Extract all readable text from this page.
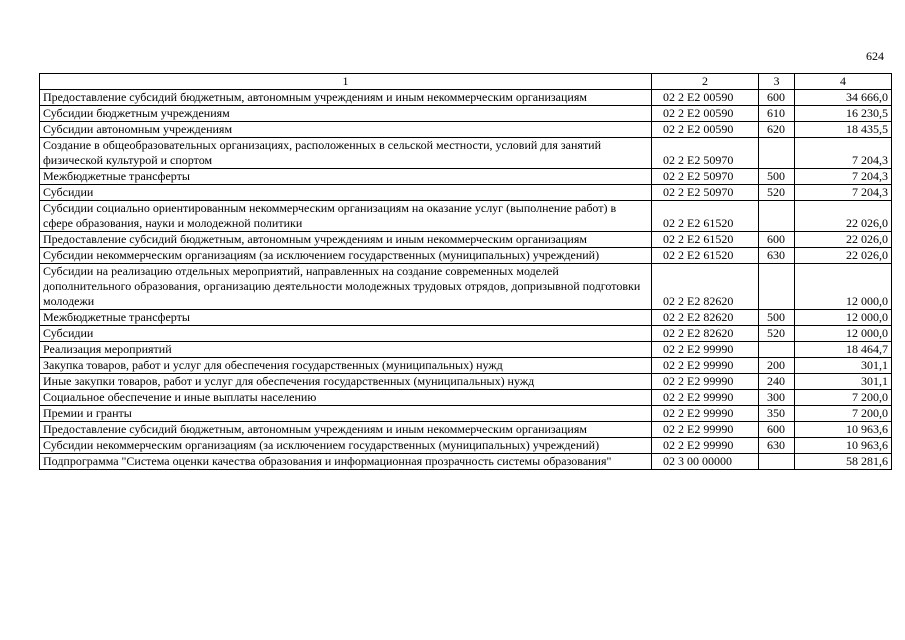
624
1	2	3	4
Предоставление субсидий бюджетным, автономным учреждениям и иным некоммерческим организациям	02 2 E2 00590	600	34 666,0
Субсидии бюджетным учреждениям	02 2 E2 00590	610	16 230,5
Субсидии автономным учреждениям	02 2 E2 00590	620	18 435,5
Создание в общеобразовательных организациях, расположенных в сельской местности, условий для занятий физической культурой и спортом	02 2 E2 50970		7 204,3
Межбюджетные трансферты	02 2 E2 50970	500	7 204,3
Субсидии	02 2 E2 50970	520	7 204,3
Субсидии социально ориентированным некоммерческим организациям на оказание услуг (выполнение работ) в сфере образования, науки и молодежной политики	02 2 E2 61520		22 026,0
Предоставление субсидий бюджетным, автономным учреждениям и иным некоммерческим организациям	02 2 E2 61520	600	22 026,0
Субсидии некоммерческим организациям (за исключением государственных (муниципальных) учреждений)	02 2 E2 61520	630	22 026,0
Субсидии на реализацию отдельных мероприятий, направленных на создание современных моделей дополнительного образования, организацию деятельности молодежных трудовых отрядов, допризывной подготовки молодежи	02 2 E2 82620		12 000,0
Межбюджетные трансферты	02 2 E2 82620	500	12 000,0
Субсидии	02 2 E2 82620	520	12 000,0
Реализация мероприятий	02 2 E2 99990		18 464,7
Закупка товаров, работ и услуг для обеспечения государственных (муниципальных) нужд	02 2 E2 99990	200	301,1
Иные закупки товаров, работ и услуг для обеспечения государственных (муниципальных) нужд	02 2 E2 99990	240	301,1
Социальное обеспечение и иные выплаты населению	02 2 E2 99990	300	7 200,0
Премии и гранты	02 2 E2 99990	350	7 200,0
Предоставление субсидий бюджетным, автономным учреждениям и иным некоммерческим организациям	02 2 E2 99990	600	10 963,6
Субсидии некоммерческим организациям (за исключением государственных (муниципальных) учреждений)	02 2 E2 99990	630	10 963,6
Подпрограмма "Система оценки качества образования и информационная прозрачность системы образования"	02 3 00 00000		58 281,6
